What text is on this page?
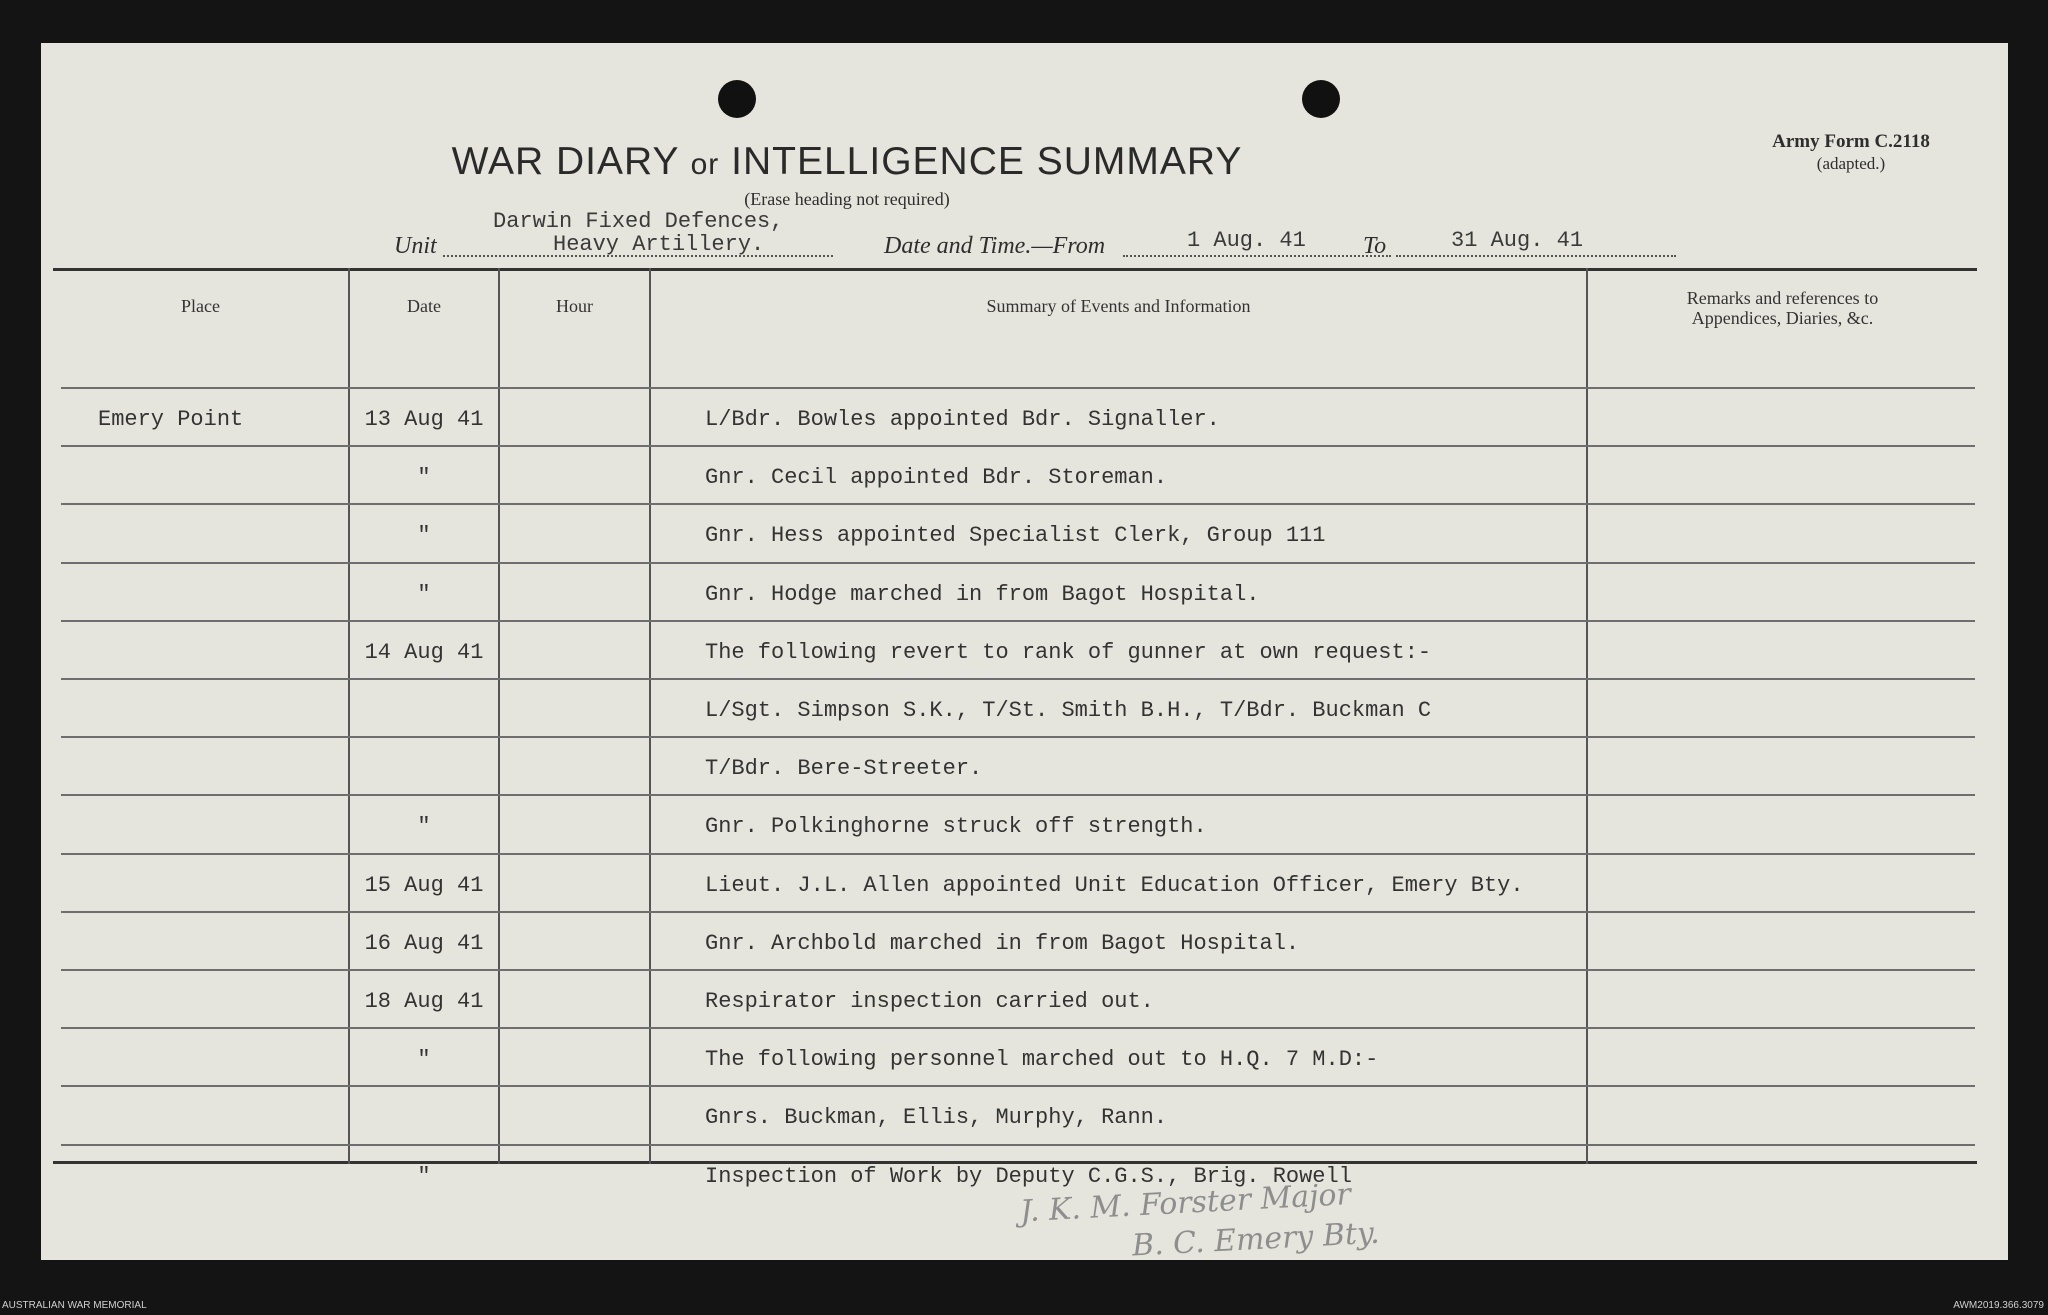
WAR DIARY or INTELLIGENCE SUMMARY
(Erase heading not required)
Army Form C.2118
(adapted.)
Unit
Darwin Fixed Defences,
Heavy Artillery.	Date and Time.—From	1 Aug. 41 To	31 Aug. 41
Place	Date	Hour	Summary of Events and Information	Remarks and references to
Appendices, Diaries, &c.
Emery Point	13 Aug 41	L/Bdr. Bowles appointed Bdr. Signaller.
"	Gnr. Cecil appointed Bdr. Storeman.
"	Gnr. Hess appointed Specialist Clerk, Group 111
"	Gnr. Hodge marched in from Bagot Hospital.
14 Aug 41	The following revert to rank of gunner at own request:-
L/Sgt. Simpson S.K., T/St. Smith B.H., T/Bdr. Buckman C
T/Bdr. Bere-Streeter.
"	Gnr. Polkinghorne struck off strength.
15 Aug 41	Lieut. J.L. Allen appointed Unit Education Officer, Emery Bty.
16 Aug 41	Gnr. Archbold marched in from Bagot Hospital.
18 Aug 41	Respirator inspection carried out.
"	The following personnel marched out to H.Q. 7 M.D:-
Gnrs. Buckman, Ellis, Murphy, Rann.
"	Inspection of Work by Deputy C.G.S., Brig. Rowell
J. K. M. Forster Major
B. C. Emery Bty.
AUSTRALIAN WAR MEMORIAL	AWM2019.366.3079
